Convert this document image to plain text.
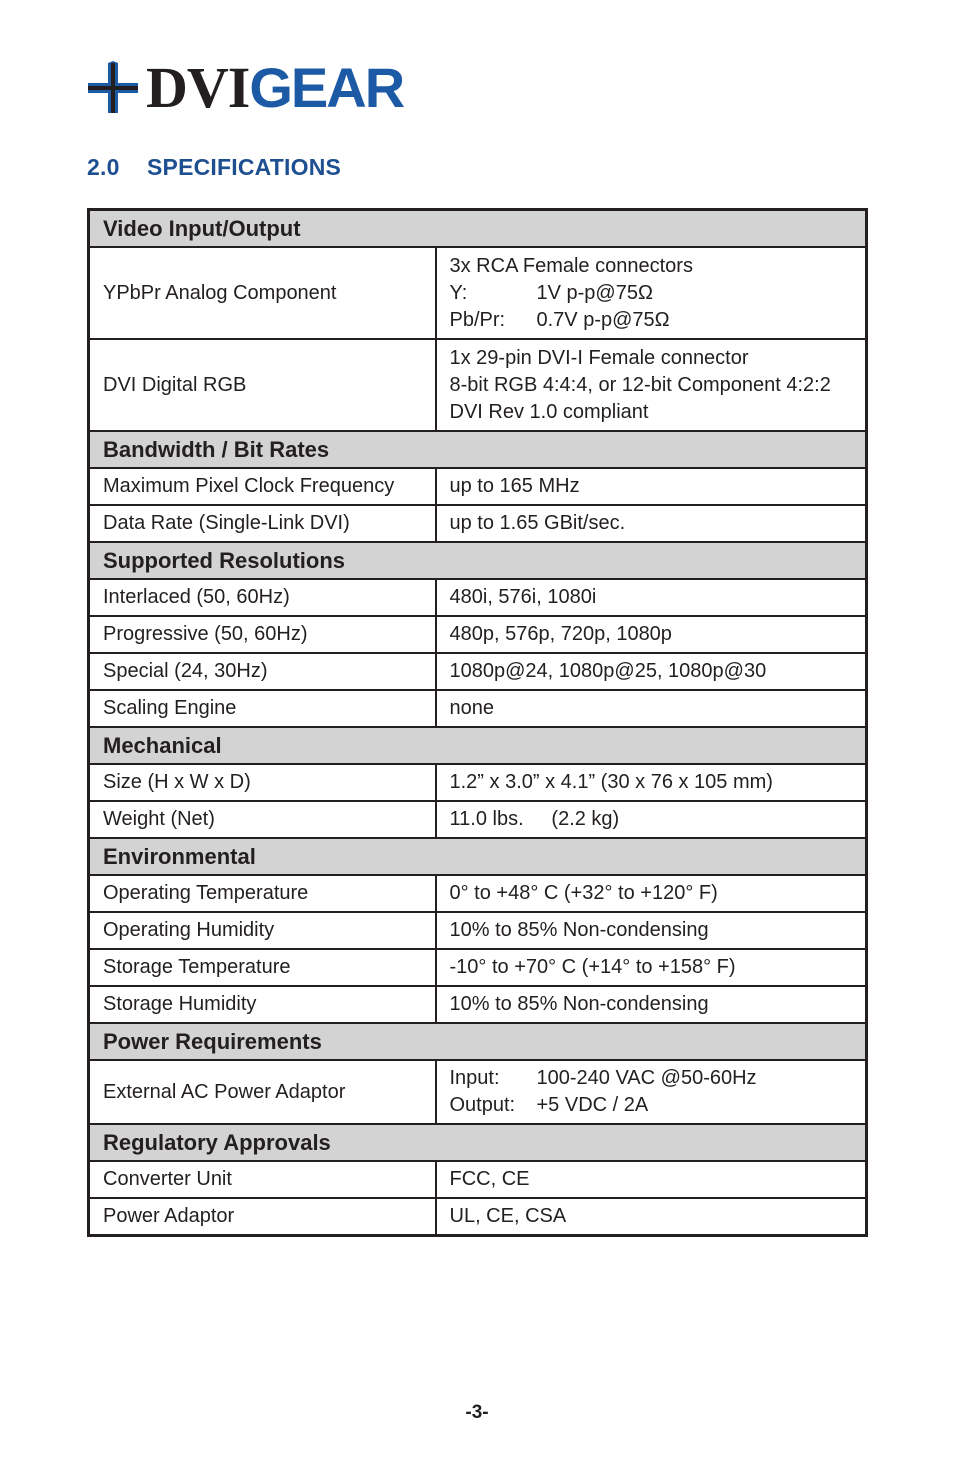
DVIGEAR
2.0 SPECIFICATIONS
Video Input/Output	
YPbPr Analog Component	3x RCA Female connectors
Y: 1V p-p@75Ω
Pb/Pr: 0.7V p-p@75Ω

DVI Digital RGB	1x 29-pin DVI-I Female connector
8-bit RGB 4:4:4, or 12-bit Component 4:2:2
DVI Rev 1.0 compliant

Bandwidth / Bit Rates	
Maximum Pixel Clock Frequency	up to 165 MHz
Data Rate (Single-Link DVI)	up to 1.65 GBit/sec.
Supported Resolutions	
Interlaced (50, 60Hz)	480i, 576i, 1080i
Progressive (50, 60Hz)	480p, 576p, 720p, 1080p
Special (24, 30Hz)	1080p@24, 1080p@25, 1080p@30
Scaling Engine	none
Mechanical	
Size (H x W x D)	1.2” x 3.0” x 4.1” (30 x 76 x 105 mm)
Weight (Net)	11.0 lbs.     (2.2 kg)
Environmental	
Operating Temperature	0° to +48° C (+32° to +120° F)
Operating Humidity	10% to 85% Non-condensing
Storage Temperature	-10° to +70° C (+14° to +158° F)
Storage Humidity	10% to 85% Non-condensing
Power Requirements	
External AC Power Adaptor	Input: 100-240 VAC @50-60Hz
Output: +5 VDC / 2A

Regulatory Approvals	
Converter Unit	FCC, CE
Power Adaptor	UL, CE, CSA
-3-
